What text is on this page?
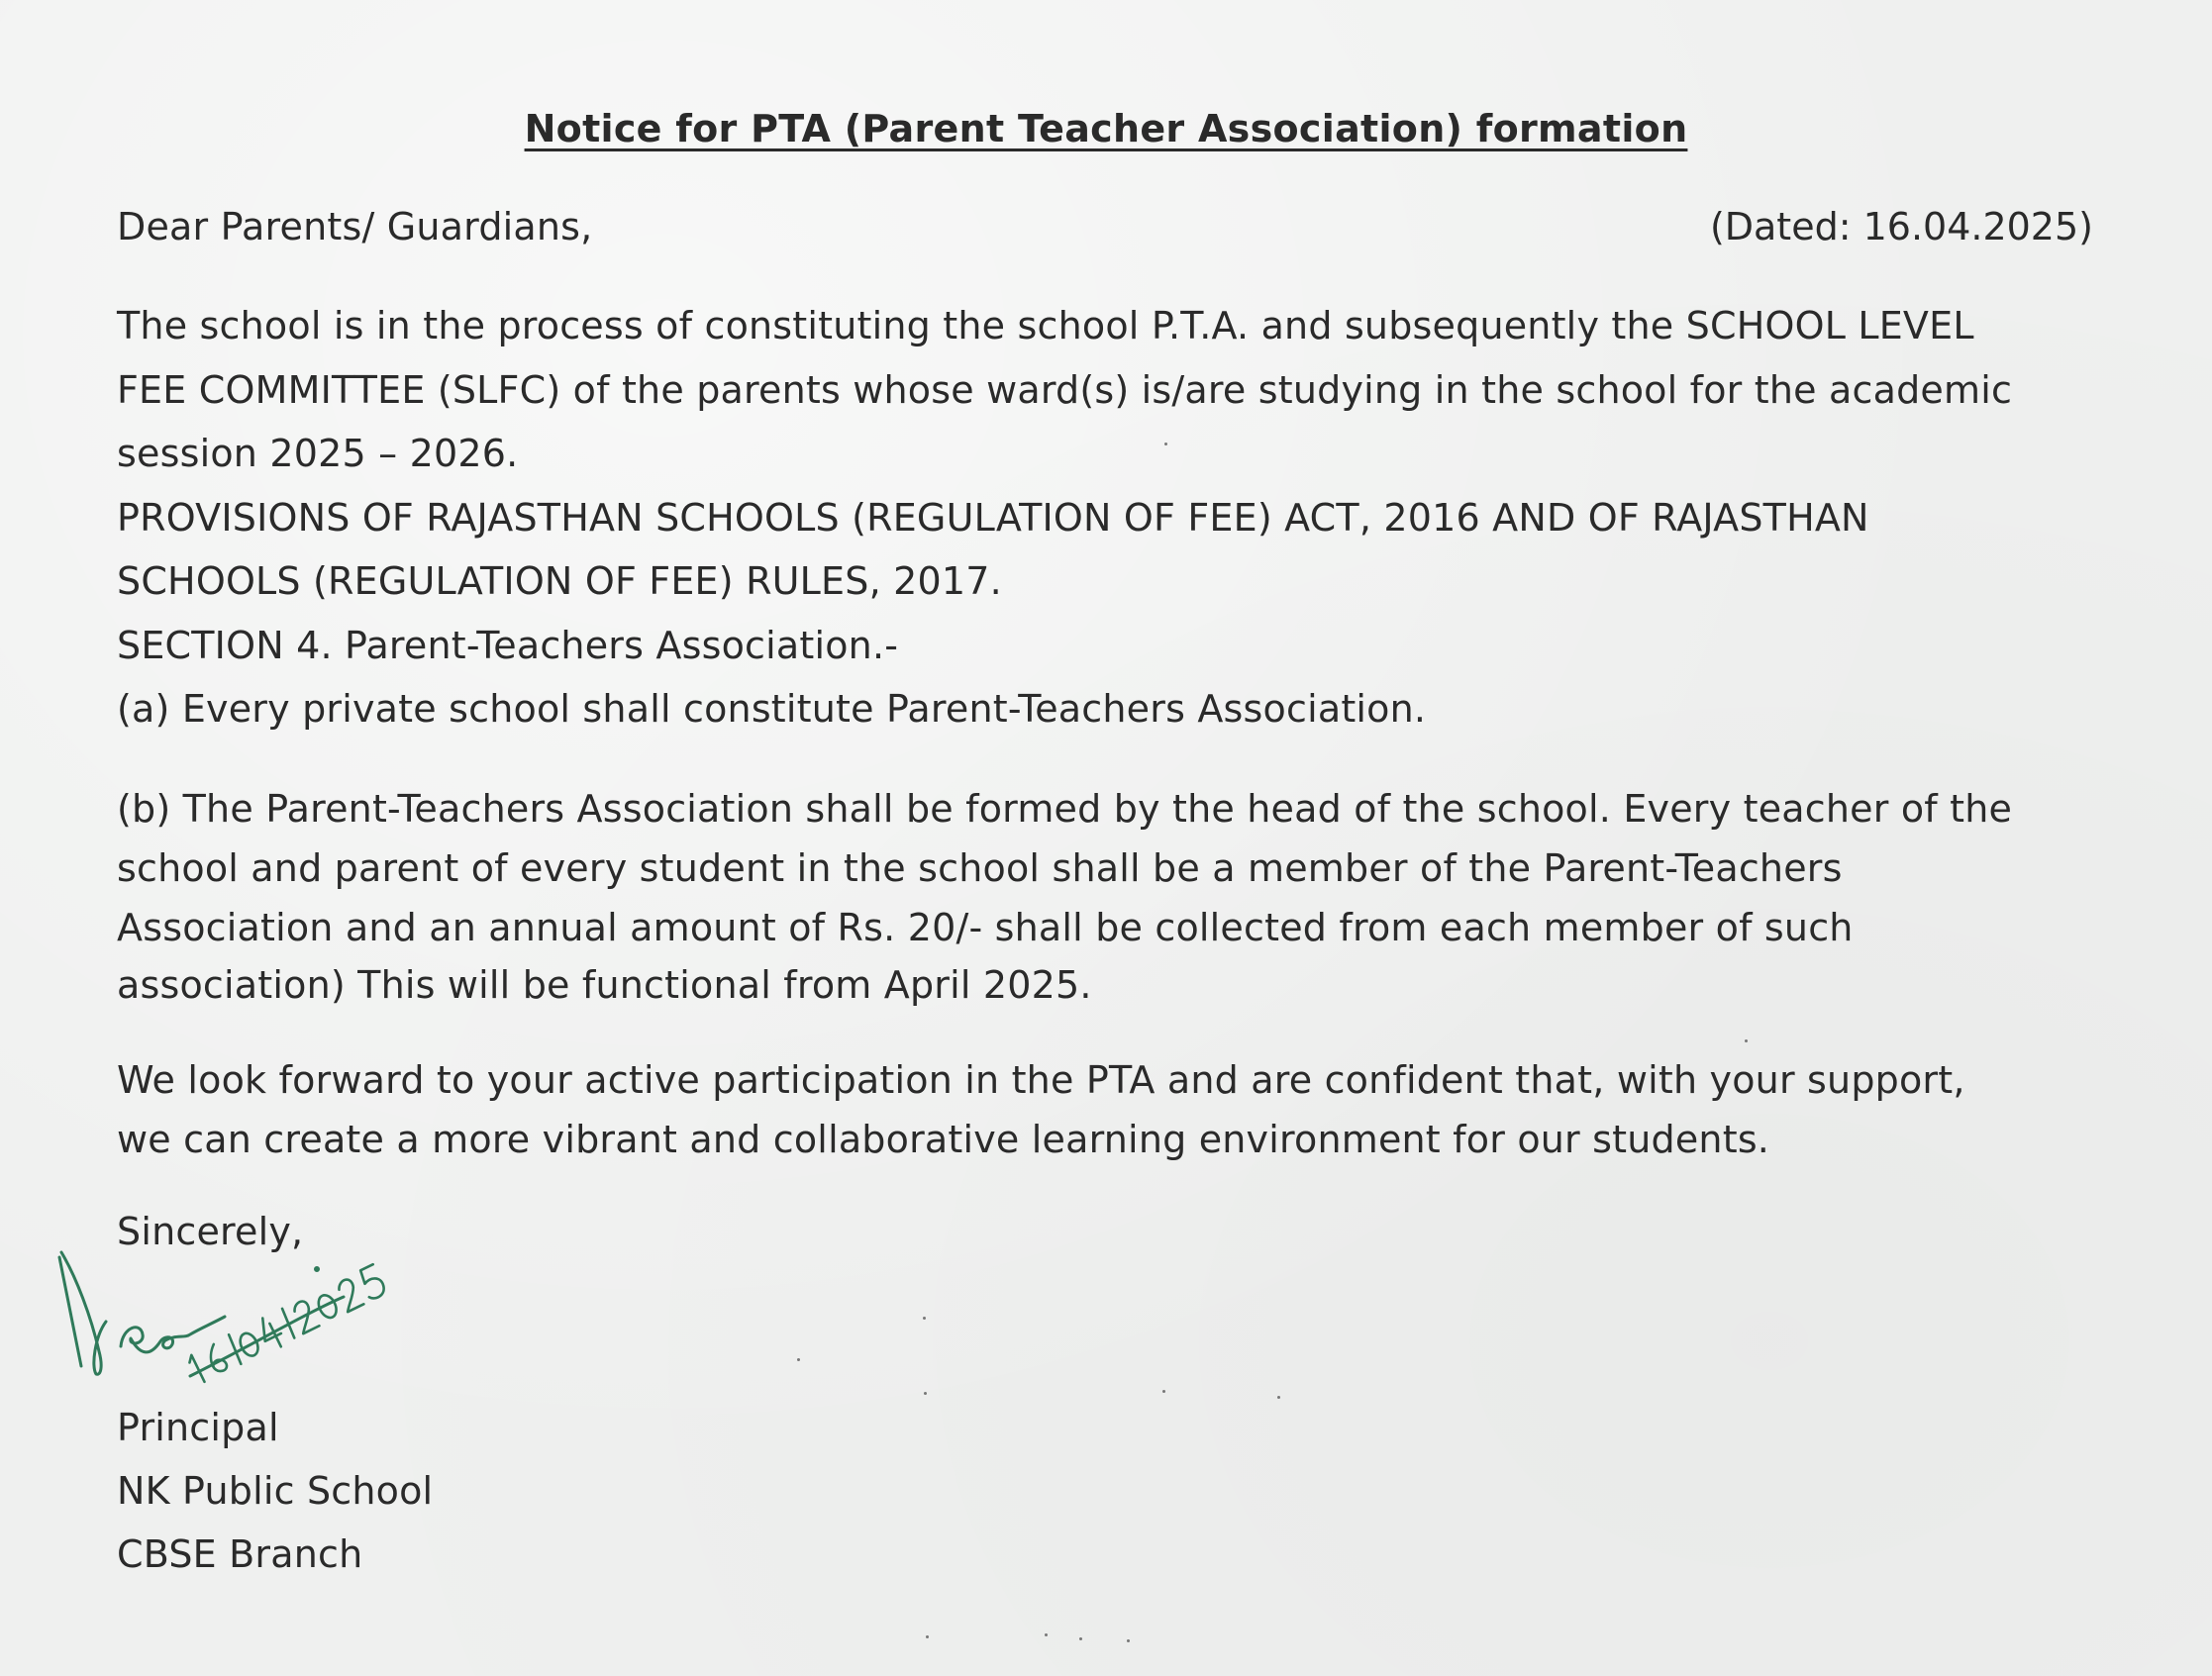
Notice for PTA (Parent Teacher Association) formation
Dear Parents/ Guardians,	(Dated: 16.04.2025)
The school is in the process of constituting the school P.T.A. and subsequently the SCHOOL LEVEL
FEE COMMITTEE (SLFC) of the parents whose ward(s) is/are studying in the school for the academic
session 2025 – 2026.
PROVISIONS OF RAJASTHAN SCHOOLS (REGULATION OF FEE) ACT, 2016 AND OF RAJASTHAN
SCHOOLS (REGULATION OF FEE) RULES, 2017.
SECTION 4. Parent-Teachers Association.-
(a) Every private school shall constitute Parent-Teachers Association.
(b) The Parent-Teachers Association shall be formed by the head of the school. Every teacher of the
school and parent of every student in the school shall be a member of the Parent-Teachers
Association and an annual amount of Rs. 20/- shall be collected from each member of such
association) This will be functional from April 2025.
We look forward to your active participation in the PTA and are confident that, with your support,
we can create a more vibrant and collaborative learning environment for our students.
Sincerely,
Principal
NK Public School
CBSE Branch
